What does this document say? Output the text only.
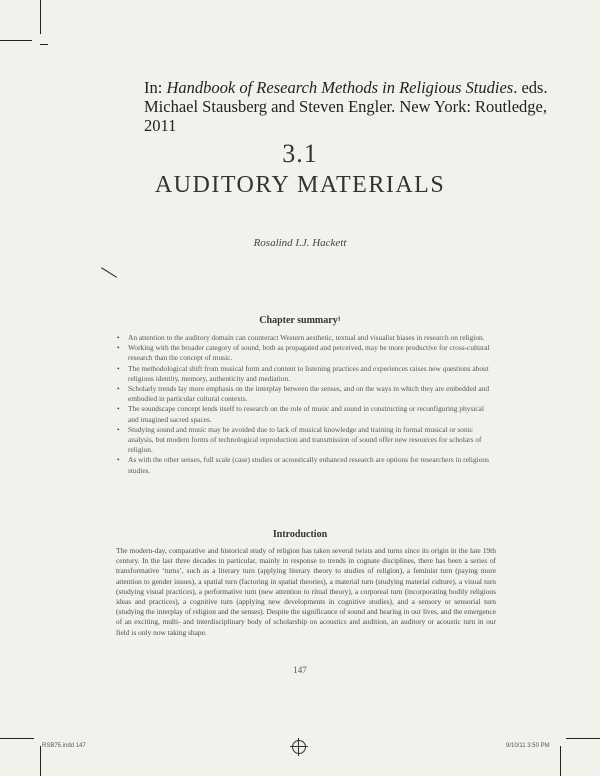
In: Handbook of Research Methods in Religious Studies. eds. Michael Stausberg and Steven Engler. New York: Routledge, 2011
3.1
AUDITORY MATERIALS
Rosalind I.J. Hackett
Chapter summary¹
• An attention to the auditory domain can counteract Western aesthetic, textual and visualist biases in research on religion.
• Working with the broader category of sound, both as propagated and perceived, may be more productive for cross-cultural research than the concept of music.
• The methodological shift from musical form and content to listening practices and experiences raises new questions about religious identity, memory, authenticity and mediation.
• Scholarly trends lay more emphasis on the interplay between the senses, and on the ways in which they are embedded and embodied in particular cultural contexts.
• The soundscape concept lends itself to research on the role of music and sound in constructing or reconfiguring physical and imagined sacred spaces.
• Studying sound and music may be avoided due to lack of musical knowledge and training in formal musical or sonic analysis, but modern forms of technological reproduction and transmission of sound offer new resources for scholars of religion.
• As with the other senses, full scale (case) studies or acoustically enhanced research are options for researchers in religious studies.
Introduction

The modern-day, comparative and historical study of religion has taken several twists and turns since its origin in the late 19th century. In the last three decades in particular, mainly in response to trends in cognate disciplines, there has been a series of transformative ‘turns’, such as a literary turn (applying literary theory to studies of religion), a feminist turn (paying more attention to gender issues), a spatial turn (factoring in spatial theories), a material turn (studying material culture), a visual turn (studying visual practices), a performative turn (new attention to ritual theory), a corporeal turn (incorporating bodily religious ideas and practices), a cognitive turn (applying new developments in cognitive studies), and a sensory or sensorial turn (studying the interplay of religion and the senses). Despite the significance of sound and hearing in our lives, and the emergence of an exciting, multi- and interdisciplinary body of scholarship on acoustics and audition, an auditory or acoustic turn in our field is only now taking shape.

147
RSB75.indd 147	9/10/11 3:50 PM
